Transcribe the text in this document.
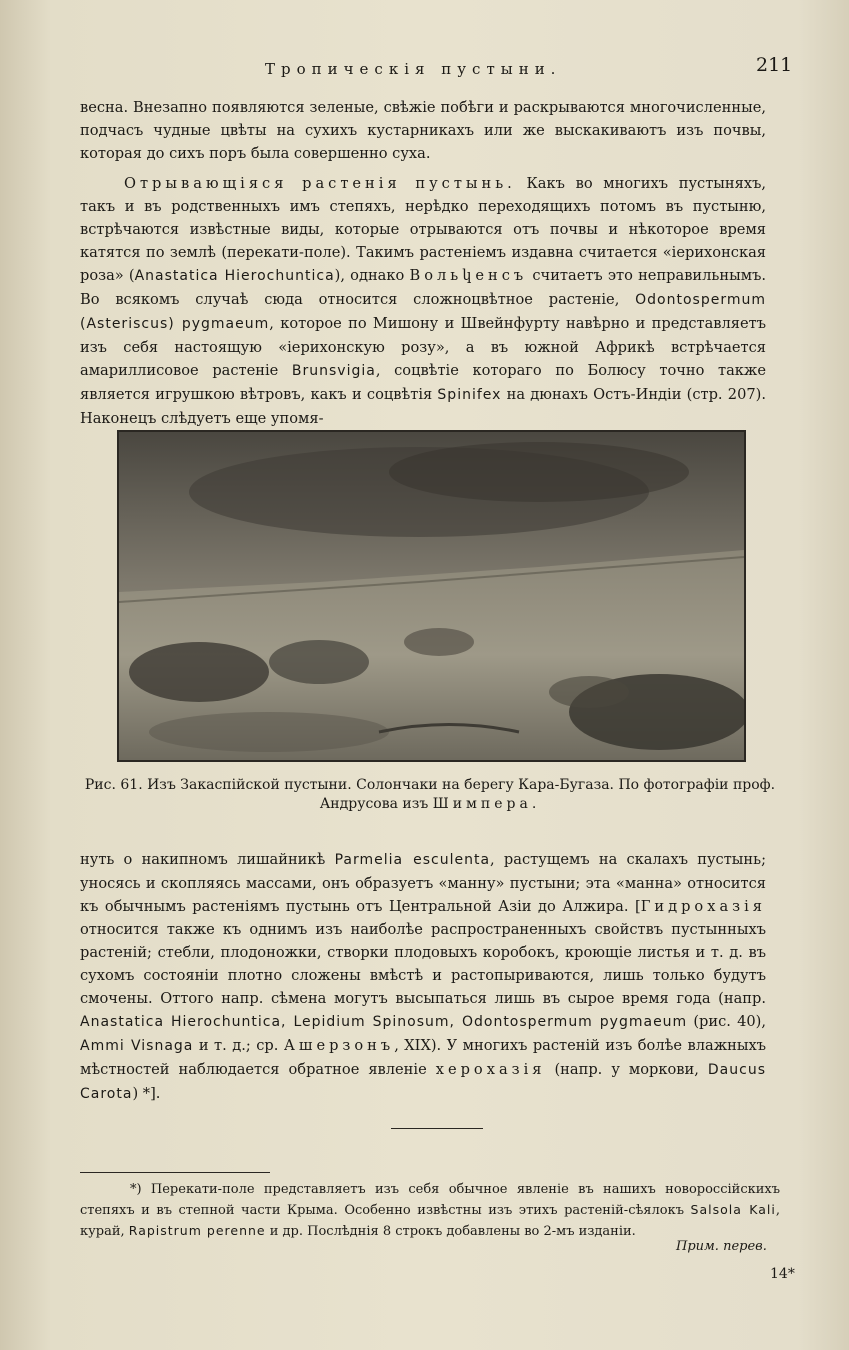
Тропическія пустыни.	211

весна. Внезапно появляются зеленые, свѣжіе побѣги и раскрываются многочисленные, подчасъ чудные цвѣты на сухихъ кустарникахъ или же выскакиваютъ изъ почвы, которая до сихъ поръ была совершенно суха.

Отрывающіяся растенія пустынь. Какъ во многихъ пустыняхъ, такъ и въ родственныхъ имъ степяхъ, нерѣдко переходящихъ потомъ въ пустыню, встрѣчаются извѣстные виды, которые отрываются отъ почвы и нѣкоторое время катятся по землѣ (перекати-поле). Такимъ растеніемъ издавна считается «іерихонская роза» (Anastatica Hierochuntica), однако Вольկенсъ считаетъ это неправильнымъ. Во всякомъ случаѣ сюда относится сложноцвѣтное растеніе, Odontospermum (Asteriscus) pygmaeum, которое по Мишону и Швейнфурту навѣрно и представляетъ изъ себя настоящую «іерихонскую розу», а въ южной Африкѣ встрѣчается амариллисовое растеніе Brunsvigia, соцвѣтіе котораго по Болюсу точно также является игрушкою вѣтровъ, какъ и соцвѣтія Spinifex на дюнахъ Остъ-Индіи (стр. 207). Наконецъ слѣдуетъ еще упомя-

Рис. 61. Изъ Закаспійской пустыни. Солончаки на берегу Кара-Бугаза. По фотографіи проф.
Андрусова изъ Шимпера.

нуть о накипномъ лишайникѣ Parmelia esculenta, растущемъ на скалахъ пустынь; уносясь и скопляясь массами, онъ образуетъ «манну» пустыни; эта «манна» относится къ обычнымъ растеніямъ пустынь отъ Центральной Азіи до Алжира. [Гидрохазія относится также къ однимъ изъ наиболѣе распространенныхъ свойствъ пустынныхъ растеній; стебли, плодоножки, створки плодовыхъ коробокъ, кроющіе листья и т. д. въ сухомъ состояніи плотно сложены вмѣстѣ и растопыриваются, лишь только будутъ смочены. Оттого напр. сѣмена могутъ высыпаться лишь въ сырое время года (напр. Anastatica Hierochuntica, Lepidium Spinosum, Odontospermum pygmaeum (рис. 40), Ammi Visnaga и т. д.; ср. Ашерзонъ, XIX). У многихъ растеній изъ болѣе влажныхъ мѣстностей наблюдается обратное явленіе херохазія (напр. у моркови, Daucus Carota) *].

*) Перекати-поле представляетъ изъ себя обычное явленіе въ нашихъ новороссійскихъ степяхъ и въ степной части Крыма. Особенно извѣстны изъ этихъ растеній-сѣялокъ Salsola Kali, курай, Rapistrum perenne и др. Послѣднія 8 строкъ добавлены во 2-мъ изданіи.

Прим. перев.
14*
